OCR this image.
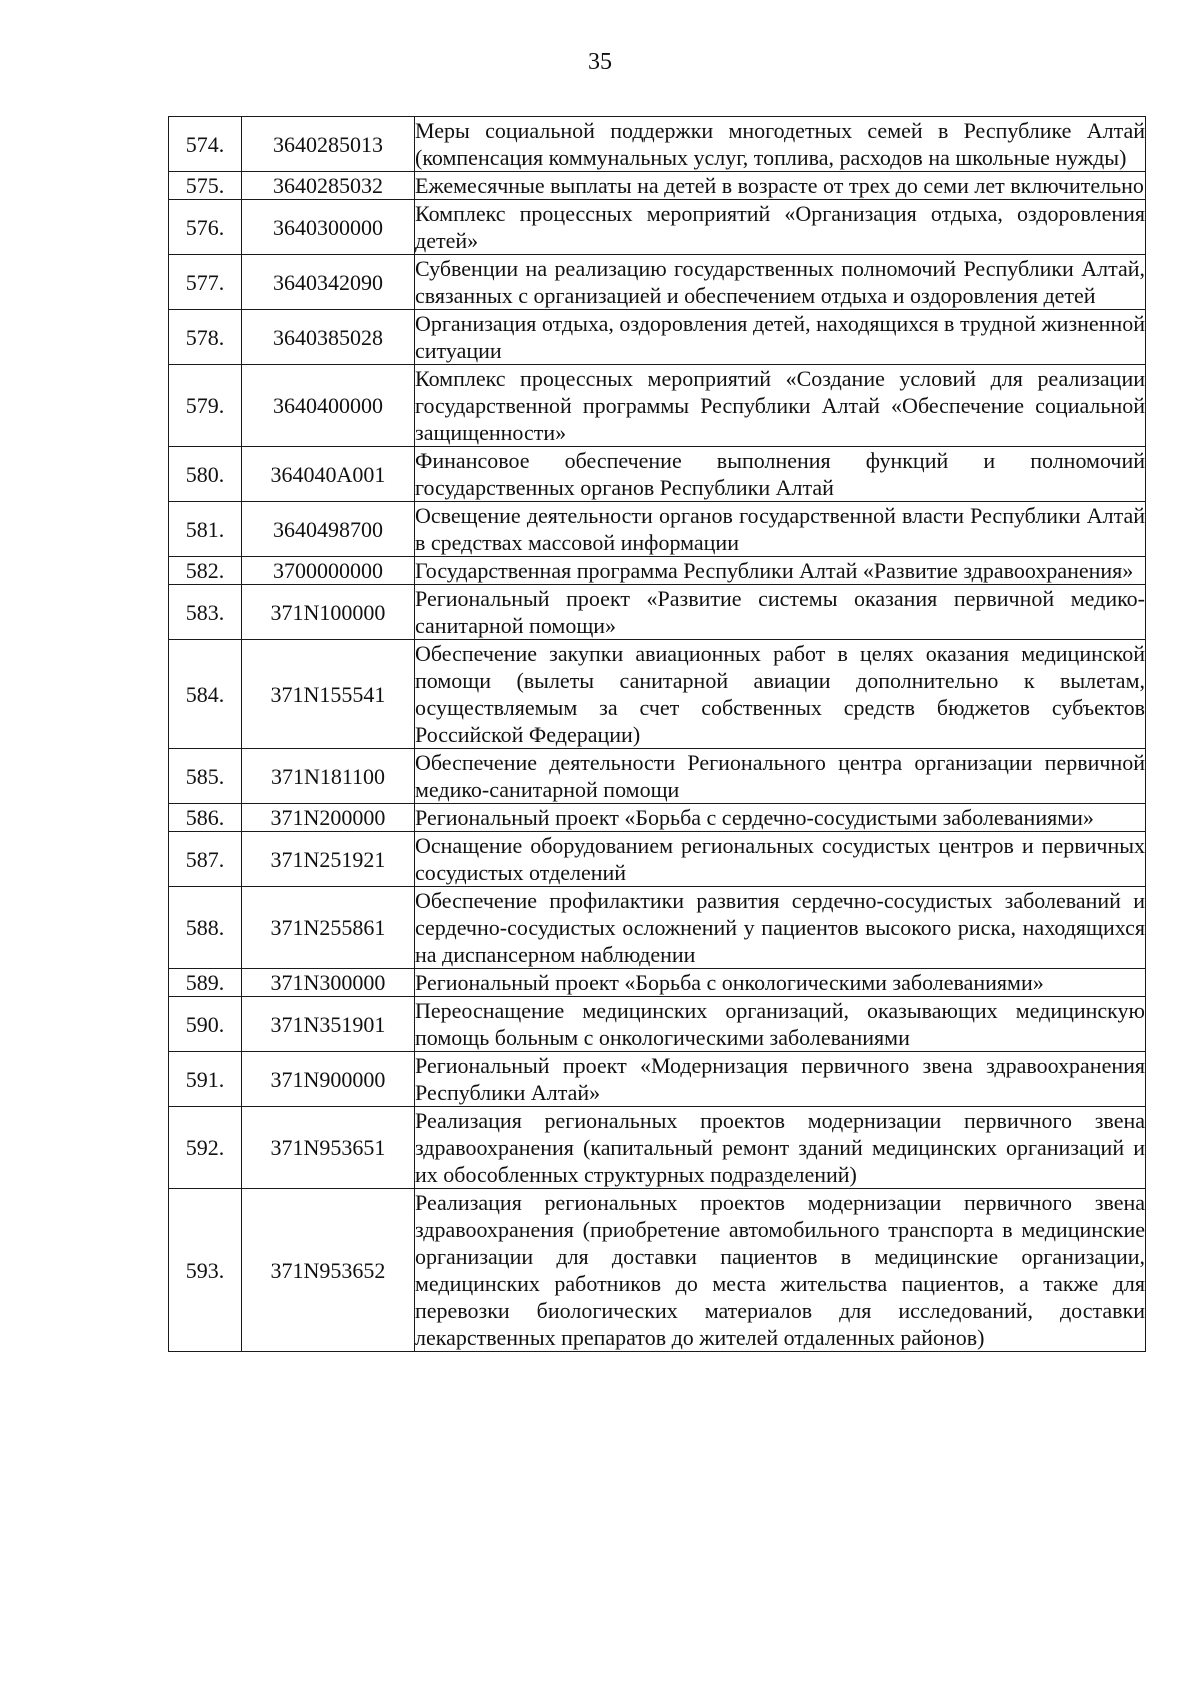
35
574.	3640285013	Меры социальной поддержки многодетных семей в Республике Алтай (компенсация коммунальных услуг, топлива, расходов на школьные нужды)
575.	3640285032	Ежемесячные выплаты на детей в возрасте от трех до семи лет включительно
576.	3640300000	Комплекс процессных мероприятий «Организация отдыха, оздоровления детей»
577.	3640342090	Субвенции на реализацию государственных полномочий Республики Алтай, связанных с организацией и обеспечением отдыха и оздоровления детей
578.	3640385028	Организация отдыха, оздоровления детей, находящихся в трудной жизненной ситуации
579.	3640400000	Комплекс процессных мероприятий «Создание условий для реализации государственной программы Республики Алтай «Обеспечение социальной защищенности»
580.	364040А001	Финансовое обеспечение выполнения функций и полномочий государственных органов Республики Алтай
581.	3640498700	Освещение деятельности органов государственной власти Республики Алтай в средствах массовой информации
582.	3700000000	Государственная программа Республики Алтай «Развитие здравоохранения»
583.	371N100000	Региональный проект «Развитие системы оказания первичной медико-санитарной помощи»
584.	371N155541	Обеспечение закупки авиационных работ в целях оказания медицинской помощи (вылеты санитарной авиации дополнительно к вылетам, осуществляемым за счет собственных средств бюджетов субъектов Российской Федерации)
585.	371N181100	Обеспечение деятельности Регионального центра организации первичной медико-санитарной помощи
586.	371N200000	Региональный проект «Борьба с сердечно-сосудистыми заболеваниями»
587.	371N251921	Оснащение оборудованием региональных сосудистых центров и первичных сосудистых отделений
588.	371N255861	Обеспечение профилактики развития сердечно-сосудистых заболеваний и сердечно-сосудистых осложнений у пациентов высокого риска, находящихся на диспансерном наблюдении
589.	371N300000	Региональный проект «Борьба с онкологическими заболеваниями»
590.	371N351901	Переоснащение медицинских организаций, оказывающих медицинскую помощь больным с онкологическими заболеваниями
591.	371N900000	Региональный проект «Модернизация первичного звена здравоохранения Республики Алтай»
592.	371N953651	Реализация региональных проектов модернизации первичного звена здравоохранения (капитальный ремонт зданий медицинских организаций и их обособленных структурных подразделений)
593.	371N953652	Реализация региональных проектов модернизации первичного звена здравоохранения (приобретение автомобильного транспорта в медицинские организации для доставки пациентов в медицинские организации, медицинских работников до места жительства пациентов, а также для перевозки биологических материалов для исследований, доставки лекарственных препаратов до жителей отдаленных районов)
